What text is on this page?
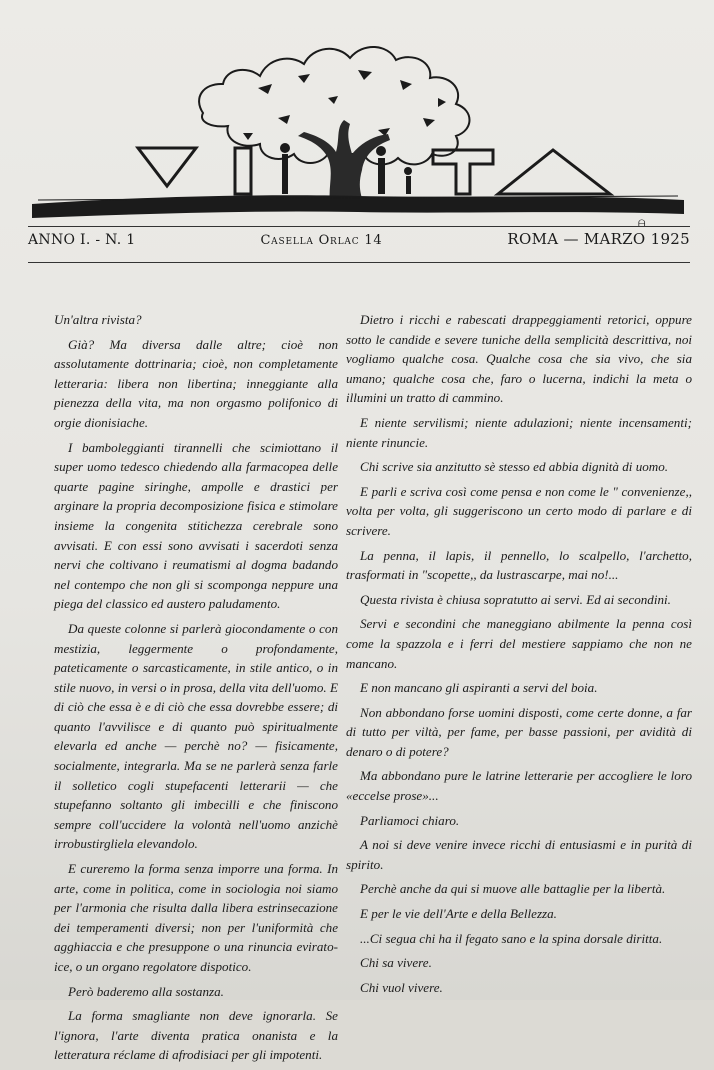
ᗩ
ANNO I. - N. 1	Casella Orlac 14	ROMA — MARZO 1925

Un'altra rivista?

Già? Ma diversa dalle altre; cioè non assolutamente dottrinaria; cioè, non completamente letteraria: libera non libertina; inneggiante alla pienezza della vita, ma non orgasmo polifonico di orgie dionisiache.

I bamboleggianti tirannelli che scimiottano il super uomo tedesco chiedendo alla farmacopea delle quarte pagine siringhe, ampolle e drastici per arginare la propria decomposizione fisica e stimolare insieme la congenita stitichezza cerebrale sono avvisati. E con essi sono avvisati i sacerdoti senza nervi che coltivano i reumatismi al dogma badando nel contempo che non gli si scomponga neppure una piega del classico ed austero paludamento.

Da queste colonne si parlerà giocondamente o con mestizia, leggermente o profondamente, pateticamente o sarcasticamente, in stile antico, o in stile nuovo, in versi o in prosa, della vita dell'uomo. E di ciò che essa è e di ciò che essa dovrebbe essere; di quanto l'avvilisce e di quanto può spiritualmente elevarla ed anche — perchè no? — fisicamente, socialmente, integrarla. Ma se ne parlerà senza farle il solletico cogli stupefacenti letterarii — che stupefanno soltanto gli imbecilli e che finiscono sempre coll'uccidere la volontà nell'uomo anzichè irrobustirgliela elevandolo.

E cureremo la forma senza imporre una forma. In arte, come in politica, come in sociologia noi siamo per l'armonia che risulta dalla libera estrinsecazione dei temperamenti diversi; non per l'uniformità che agghiaccia e che presuppone o una rinuncia eviratoice, o un organo regolatore dispotico.

Però baderemo alla sostanza.

La forma smagliante non deve ignorarla. Se l'ignora, l'arte diventa pratica onanista e la letteratura réclame di afrodisiaci per gli impotenti.

Dietro i ricchi e rabescati drappeggiamenti retorici, oppure sotto le candide e severe tuniche della semplicità descrittiva, noi vogliamo qualche cosa. Qualche cosa che sia vivo, che sia umano; qualche cosa che, faro o lucerna, indichi la meta o illumini un tratto di cammino.

E niente servilismi; niente adulazioni; niente incensamenti; niente rinuncie.

Chi scrive sia anzitutto sè stesso ed abbia dignità di uomo.

E parli e scriva così come pensa e non come le " convenienze,, volta per volta, gli suggeriscono un certo modo di parlare e di scrivere.

La penna, il lapis, il pennello, lo scalpello, l'archetto, trasformati in "scopette,, da lustrascarpe, mai no!...

Questa rivista è chiusa sopratutto ai servi. Ed ai secondini.

Servi e secondini che maneggiano abilmente la penna così come la spazzola e i ferri del mestiere sappiamo che non ne mancano.

E non mancano gli aspiranti a servi del boia.

Non abbondano forse uomini disposti, come certe donne, a far di tutto per viltà, per fame, per basse passioni, per avidità di denaro o di potere?

Ma abbondano pure le latrine letterarie per accogliere le loro «eccelse prose»...

Parliamoci chiaro.

A noi si deve venire invece ricchi di entusiasmi e in purità di spirito.

Perchè anche da qui si muove alle battaglie per la libertà.

E per le vie dell'Arte e della Bellezza.

...Ci segua chi ha il fegato sano e la spina dorsale diritta.

Chi sa vivere.

Chi vuol vivere.
